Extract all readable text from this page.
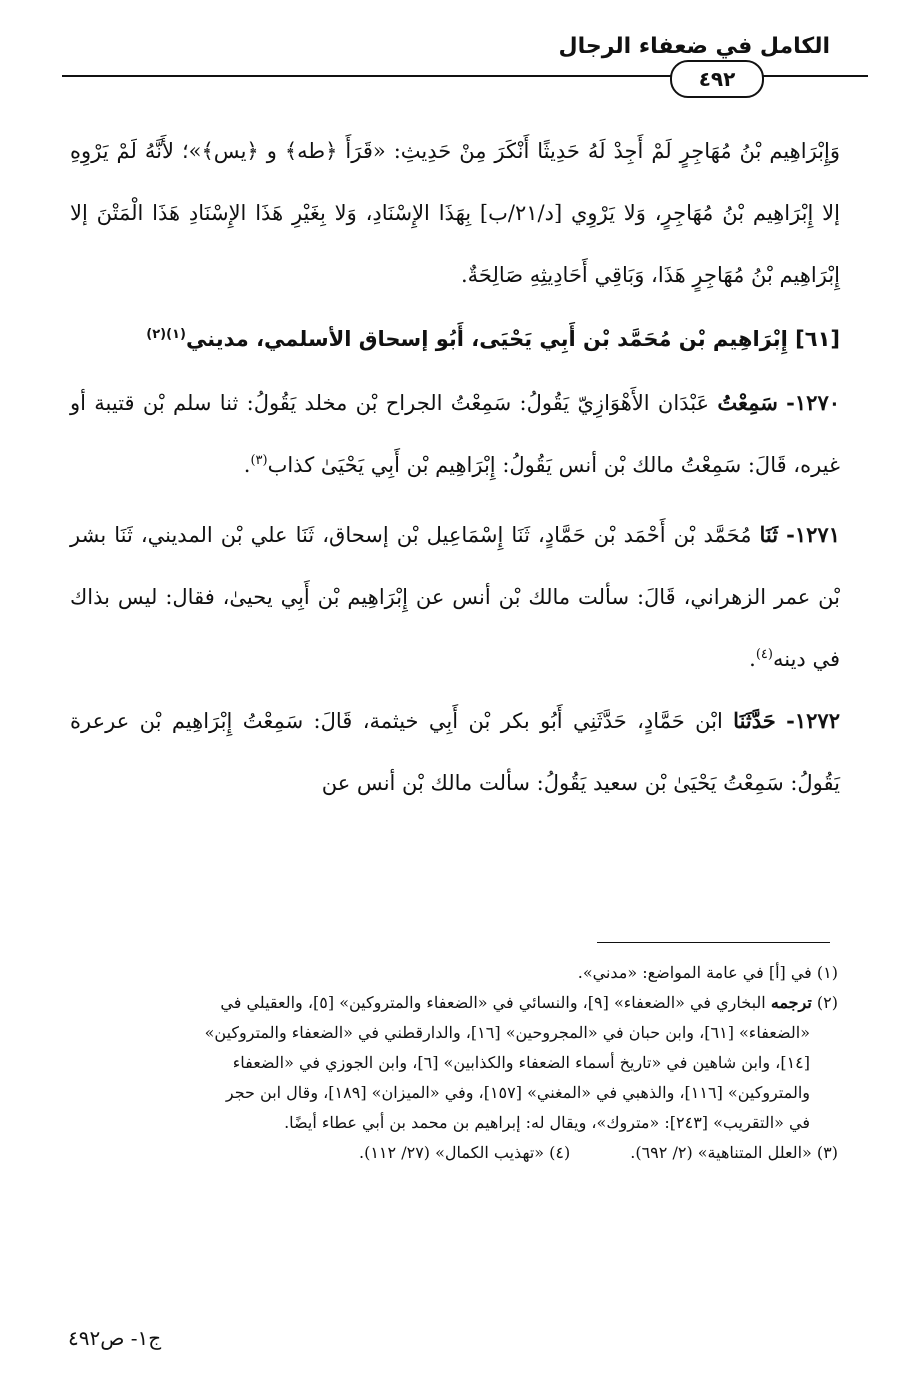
الكامل في ضعفاء الرجال
٤٩٢

وَإِبْرَاهِيم بْنُ مُهَاجِرٍ لَمْ أَجِدْ لَهُ حَدِيثًا أَنْكَرَ مِنْ حَدِيثِ: «قَرَأَ ﴿طه﴾ و ﴿يس﴾»؛ لأَنَّهُ لَمْ يَرْوِهِ إلا إِبْرَاهِيم بْنُ مُهَاجِرٍ، وَلا يَرْوِي [د/٢١/ب] بِهَذَا الإِسْنَادِ، وَلا بِغَيْرِ هَذَا الإِسْنَادِ هَذَا الْمَتْنَ إلا إِبْرَاهِيم بْنُ مُهَاجِرٍ هَذَا، وَبَاقِي أَحَادِيثِهِ صَالِحَةٌ.

[٦١] إِبْرَاهِيم بْن مُحَمَّد بْن أَبِي يَحْيَى، أَبُو إسحاق الأسلمي، مديني$^{(١)(٢)}$

١٢٧٠- سَمِعْتُ عَبْدَان الأَهْوَازِيّ يَقُولُ: سَمِعْتُ الجراح بْن مخلد يَقُولُ: ثنا سلم بْن قتيبة أو غيره، قَالَ: سَمِعْتُ مالك بْن أنس يَقُولُ: إِبْرَاهِيم بْن أَبِي يَحْيَىٰ كذاب$^{(٣)}$.

١٢٧١- ثَنَا مُحَمَّد بْن أَحْمَد بْن حَمَّادٍ، ثَنَا إِسْمَاعِيل بْن إسحاق، ثَنَا علي بْن المديني، ثَنَا بشر بْن عمر الزهراني، قَالَ: سألت مالك بْن أنس عن إِبْرَاهِيم بْن أَبِي يحيىٰ، فقال: ليس بذاك في دينه$^{(٤)}$.

١٢٧٢- حَدَّثَنَا ابْن حَمَّادٍ، حَدَّثَنِي أَبُو بكر بْن أَبِي خيثمة، قَالَ: سَمِعْتُ إِبْرَاهِيم بْن عرعرة يَقُولُ: سَمِعْتُ يَحْيَىٰ بْن سعيد يَقُولُ: سألت مالك بْن أنس عن

(١) في [أ] في عامة المواضع: «مدني».

(٢) ترجمه البخاري في «الضعفاء» [٩]، والنسائي في «الضعفاء والمتروكين» [٥]، والعقيلي في

«الضعفاء» [٦١]، وابن حبان في «المجروحين» [١٦]، والدارقطني في «الضعفاء والمتروكين»

[١٤]، وابن شاهين في «تاريخ أسماء الضعفاء والكذابين» [٦]، وابن الجوزي في «الضعفاء

والمتروكين» [١١٦]، والذهبي في «المغني» [١٥٧]، وفي «الميزان» [١٨٩]، وقال ابن حجر

في «التقريب» [٢٤٣]: «متروك»، ويقال له: إبراهيم بن محمد بن أبي عطاء أيضًا.

(٣) «العلل المتناهية» (٢/ ٦٩٢).
(٤) «تهذيب الكمال» (٢٧/ ١١٢).
ج١- ص٤٩٢
